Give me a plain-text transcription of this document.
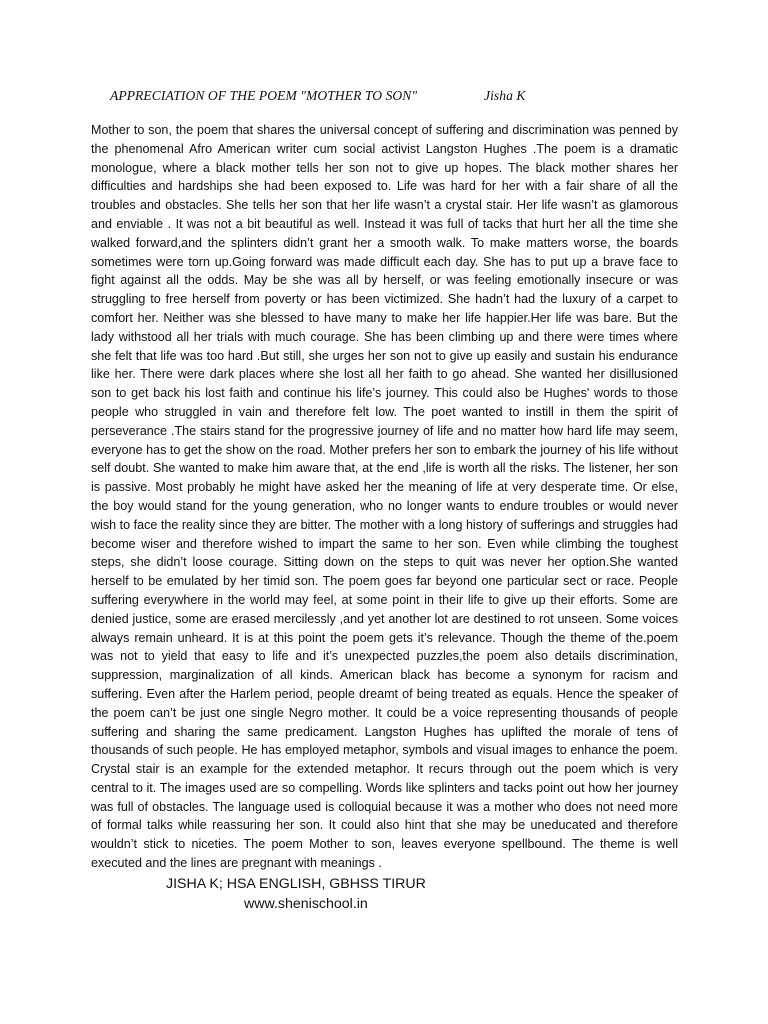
APPRECIATION OF THE POEM "MOTHER TO SON"	Jisha K

Mother to son, the poem that shares the universal concept of suffering and discrimination was penned by the phenomenal Afro American writer cum social activist Langston Hughes .The poem is a dramatic monologue, where a black mother tells her son not to give up hopes. The black mother shares her difficulties and hardships she had been exposed to. Life was hard for her with a fair share of all the troubles and obstacles. She tells her son that her life wasn’t a crystal stair. Her life wasn’t as glamorous and enviable . It was not a bit beautiful as well. Instead it was full of tacks that hurt her all the time she walked forward,and the splinters didn’t grant her a smooth walk. To make matters worse, the boards sometimes were torn up.Going forward was made difficult each day. She has to put up a brave face to fight against all the odds. May be she was all by herself, or was feeling emotionally insecure or was struggling to free herself from poverty or has been victimized. She hadn’t had the luxury of a carpet to comfort her. Neither was she blessed to have many to make her life happier.Her life was bare. But the lady withstood all her trials with much courage. She has been climbing up and there were times where she felt that life was too hard .But still, she urges her son not to give up easily and sustain his endurance like her. There were dark places where she lost all her faith to go ahead. She wanted her disillusioned son to get back his lost faith and continue his life’s journey. This could also be Hughes' words to those people who struggled in vain and therefore felt low. The poet wanted to instill in them the spirit of perseverance .The stairs stand for the progressive journey of life and no matter how hard life may seem, everyone has to get the show on the road. Mother prefers her son to embark the journey of his life without self doubt. She wanted to make him aware that, at the end ,life is worth all the risks. The listener, her son is passive. Most probably he might have asked her the meaning of life at very desperate time. Or else, the boy would stand for the young generation, who no longer wants to endure troubles or would never wish to face the reality since they are bitter. The mother with a long history of sufferings and struggles had become wiser and therefore wished to impart the same to her son. Even while climbing the toughest steps, she didn’t loose courage. Sitting down on the steps to quit was never her option.She wanted herself to be emulated by her timid son. The poem goes far beyond one particular sect or race. People suffering everywhere in the world may feel, at some point in their life to give up their efforts. Some are denied justice, some are erased mercilessly ,and yet another lot are destined to rot unseen. Some voices always remain unheard. It is at this point the poem gets it’s relevance. Though the theme of the.poem was not to yield that easy to life and it’s unexpected puzzles,the poem also details discrimination, suppression, marginalization of all kinds. American black has become a synonym for racism and suffering. Even after the Harlem period, people dreamt of being treated as equals. Hence the speaker of the poem can’t be just one single Negro mother. It could be a voice representing thousands of people suffering and sharing the same predicament. Langston Hughes has uplifted the morale of tens of thousands of such people. He has employed metaphor, symbols and visual images to enhance the poem. Crystal stair is an example for the extended metaphor. It recurs through out the poem which is very central to it. The images used are so compelling. Words like splinters and tacks point out how her journey was full of obstacles. The language used is colloquial because it was a mother who does not need more of formal talks while reassuring her son. It could also hint that she may be uneducated and therefore wouldn’t stick to niceties. The poem Mother to son, leaves everyone spellbound. The theme is well executed and the lines are pregnant with meanings .

JISHA K; HSA ENGLISH, GBHSS TIRUR
www.shenischool.in
